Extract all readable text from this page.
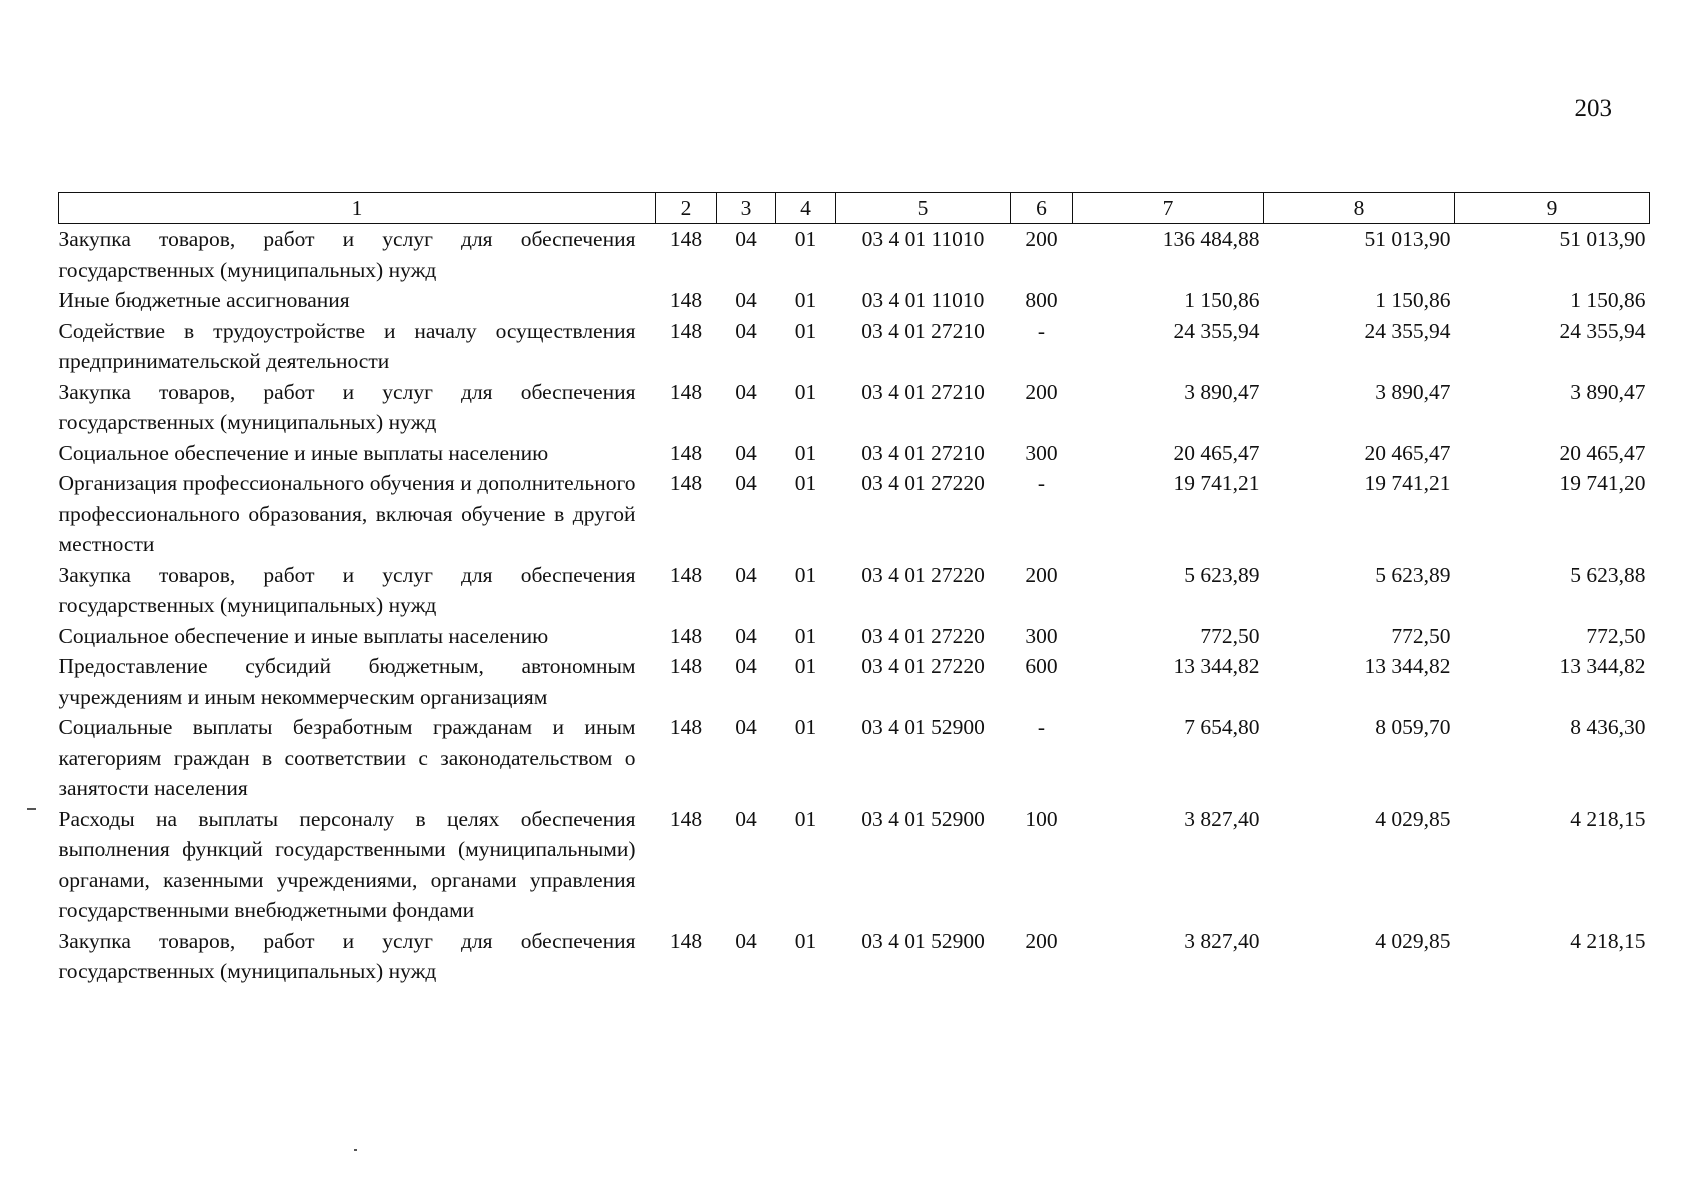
203
1	2	3	4	5	6	7	8	9
Закупка товаров, работ и услуг для обеспечения государственных (муниципальных) нужд	148	04	01	03 4 01 11010	200	136 484,88	51 013,90	51 013,90
Иные бюджетные ассигнования	148	04	01	03 4 01 11010	800	1 150,86	1 150,86	1 150,86
Содействие в трудоустройстве и началу осуществления предпринимательской деятельности	148	04	01	03 4 01 27210	-	24 355,94	24 355,94	24 355,94
Закупка товаров, работ и услуг для обеспечения государственных (муниципальных) нужд	148	04	01	03 4 01 27210	200	3 890,47	3 890,47	3 890,47
Социальное обеспечение и иные выплаты населению	148	04	01	03 4 01 27210	300	20 465,47	20 465,47	20 465,47
Организация профессионального обучения и дополнительного профессионального образования, включая обучение в другой местности	148	04	01	03 4 01 27220	-	19 741,21	19 741,21	19 741,20
Закупка товаров, работ и услуг для обеспечения государственных (муниципальных) нужд	148	04	01	03 4 01 27220	200	5 623,89	5 623,89	5 623,88
Социальное обеспечение и иные выплаты населению	148	04	01	03 4 01 27220	300	772,50	772,50	772,50
Предоставление субсидий бюджетным, автономным учреждениям и иным некоммерческим организациям	148	04	01	03 4 01 27220	600	13 344,82	13 344,82	13 344,82
Социальные выплаты безработным гражданам и иным категориям граждан в соответствии с законодательством о занятости населения	148	04	01	03 4 01 52900	-	7 654,80	8 059,70	8 436,30
Расходы на выплаты персоналу в целях обеспечения выполнения функций государственными (муниципальными) органами, казенными учреждениями, органами управления государственными внебюджетными фондами	148	04	01	03 4 01 52900	100	3 827,40	4 029,85	4 218,15
Закупка товаров, работ и услуг для обеспечения государственных (муниципальных) нужд	148	04	01	03 4 01 52900	200	3 827,40	4 029,85	4 218,15
